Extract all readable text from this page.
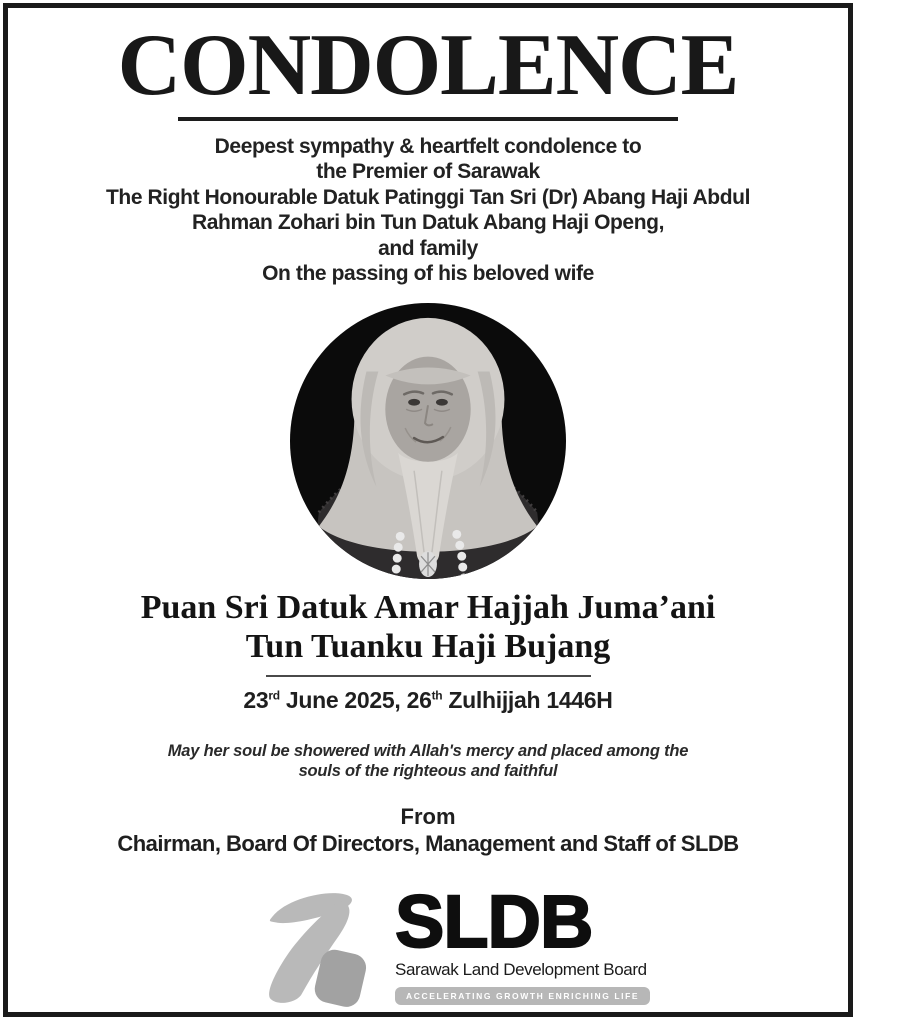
CONDOLENCE
Deepest sympathy & heartfelt condolence to
the Premier of Sarawak
The Right Honourable Datuk Patinggi Tan Sri (Dr) Abang Haji Abdul
Rahman Zohari bin Tun Datuk Abang Haji Openg,
and family
On the passing of his beloved wife
Puan Sri Datuk Amar Hajjah Juma’ani
Tun Tuanku Haji Bujang
23rd June 2025, 26th Zulhijjah 1446H
May her soul be showered with Allah's mercy and placed among the
souls of the righteous and faithful
From
Chairman, Board Of Directors, Management and Staff of SLDB
SLDB
Sarawak Land Development Board
ACCELERATING GROWTH ENRICHING LIFE
